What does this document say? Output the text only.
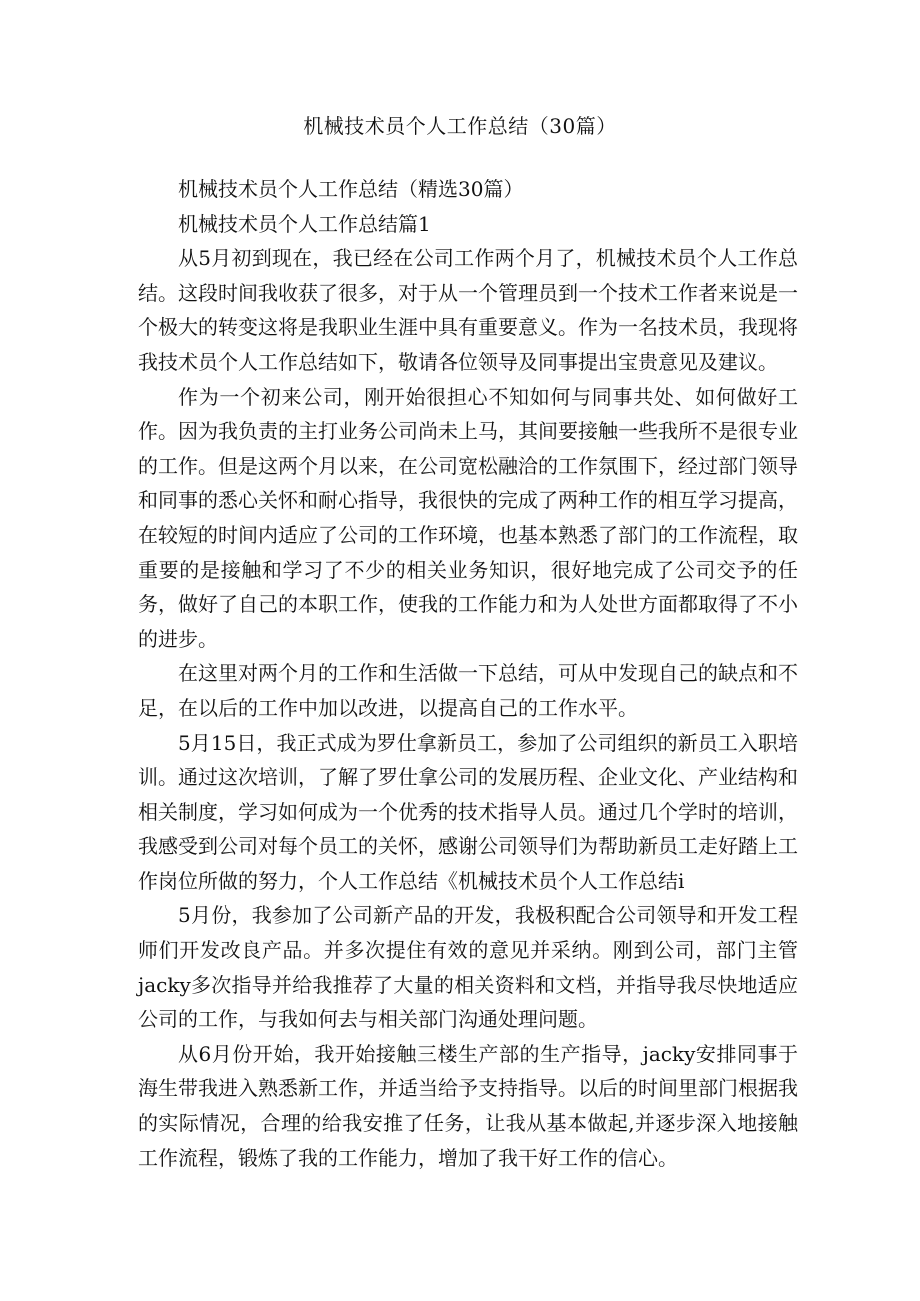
机械技术员个人工作总结（30篇）

机械技术员个人工作总结（精选30篇）

机械技术员个人工作总结篇1

从5月初到现在，我已经在公司工作两个月了，机械技术员个人工作总结。这段时间我收获了很多，对于从一个管理员到一个技术工作者来说是一个极大的转变这将是我职业生涯中具有重要意义。作为一名技术员，我现将我技术员个人工作总结如下，敬请各位领导及同事提出宝贵意见及建议。

作为一个初来公司，刚开始很担心不知如何与同事共处、如何做好工作。因为我负责的主打业务公司尚未上马，其间要接触一些我所不是很专业的工作。但是这两个月以来，在公司宽松融洽的工作氛围下，经过部门领导和同事的悉心关怀和耐心指导，我很快的完成了两种工作的相互学习提高，在较短的时间内适应了公司的工作环境，也基本熟悉了部门的工作流程，取重要的是接触和学习了不少的相关业务知识，很好地完成了公司交予的任务，做好了自己的本职工作，使我的工作能力和为人处世方面都取得了不小的进步。

在这里对两个月的工作和生活做一下总结，可从中发现自己的缺点和不足，在以后的工作中加以改进，以提高自己的工作水平。

5月15日，我正式成为罗仕拿新员工，参加了公司组织的新员工入职培训。通过这次培训，了解了罗仕拿公司的发展历程、企业文化、产业结构和相关制度，学习如何成为一个优秀的技术指导人员。通过几个学时的培训，我感受到公司对每个员工的关怀，感谢公司领导们为帮助新员工走好踏上工作岗位所做的努力，个人工作总结《机械技术员个人工作总结i

5月份，我参加了公司新产品的开发，我极积配合公司领导和开发工程师们开发改良产品。并多次提住有效的意见并采纳。刚到公司，部门主管jacky多次指导并给我推荐了大量的相关资料和文档，并指导我尽快地适应公司的工作，与我如何去与相关部门沟通处理问题。

从6月份开始，我开始接触三楼生产部的生产指导，jacky安排同事于海生带我进入熟悉新工作，并适当给予支持指导。以后的时间里部门根据我的实际情况，合理的给我安推了任务，让我从基本做起,并逐步深入地接触工作流程，锻炼了我的工作能力，增加了我干好工作的信心。
